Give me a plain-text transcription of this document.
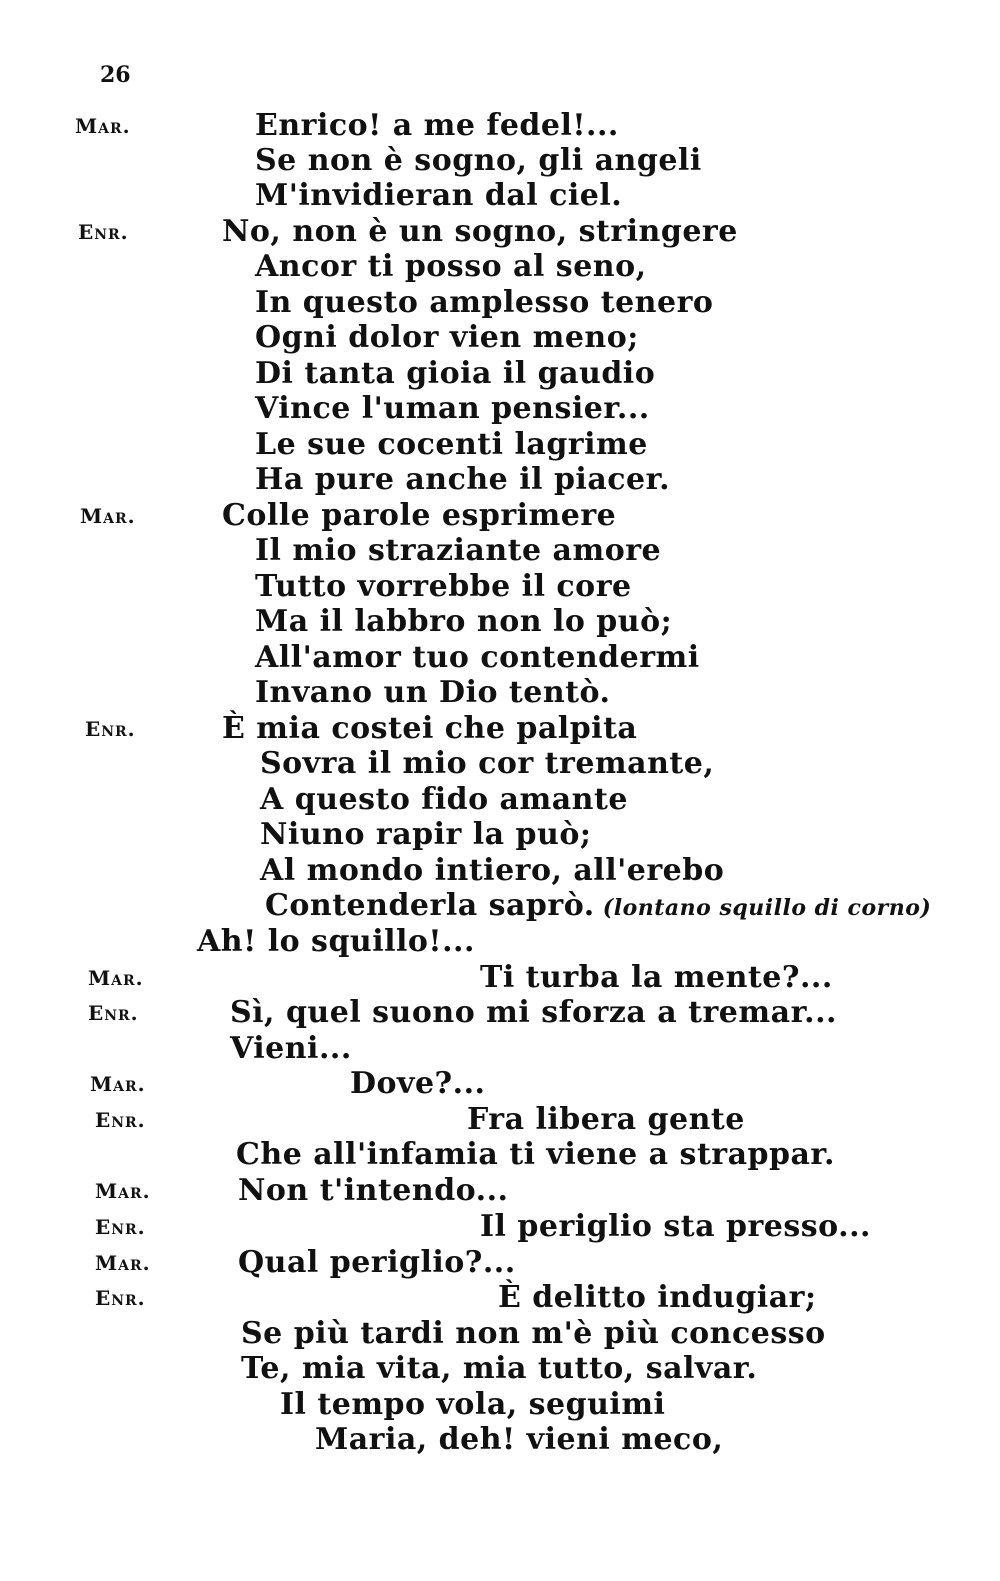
26
Mar.	Enrico! a me fedel!...
Se non è sogno, gli angeli
M'invidieran dal ciel.
Enr.	No, non è un sogno, stringere
Ancor ti posso al seno,
In questo amplesso tenero
Ogni dolor vien meno;
Di tanta gioia il gaudio
Vince l'uman pensier...
Le sue cocenti lagrime
Ha pure anche il piacer.
Mar.	Colle parole esprimere
Il mio straziante amore
Tutto vorrebbe il core
Ma il labbro non lo può;
All'amor tuo contendermi
Invano un Dio tentò.
Enr.	È mia costei che palpita
Sovra il mio cor tremante,
A questo fido amante
Niuno rapir la può;
Al mondo intiero, all'erebo
Contenderla saprò. (lontano squillo di corno)
Ah! lo squillo!...
Mar.	Ti turba la mente?...
Enr.	Sì, quel suono mi sforza a tremar...
Vieni...
Mar.	Dove?...
Enr.	Fra libera gente
Che all'infamia ti viene a strappar.
Mar.	Non t'intendo...
Enr.	Il periglio sta presso...
Mar.	Qual periglio?...
Enr.	È delitto indugiar;
Se più tardi non m'è più concesso
Te, mia vita, mia tutto, salvar.
Il tempo vola, seguimi
Maria, deh! vieni meco,
